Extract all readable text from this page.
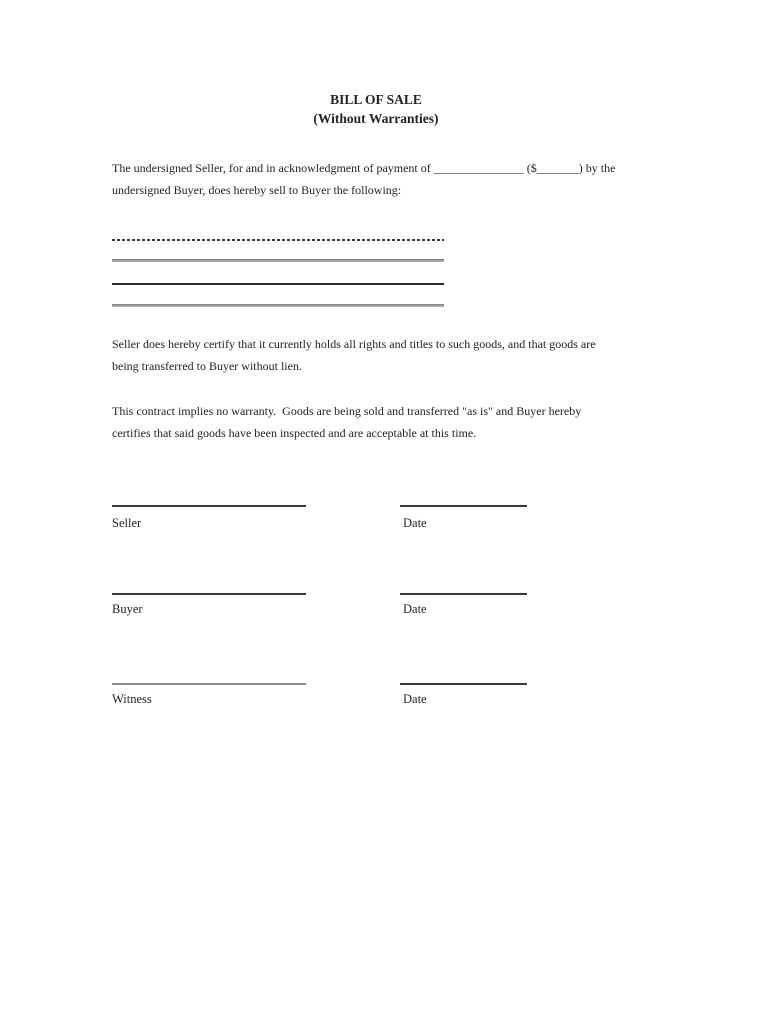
BILL OF SALE
(Without Warranties)
The undersigned Seller, for and in acknowledgment of payment of _______________ ($_______) by the
undersigned Buyer, does hereby sell to Buyer the following:
Seller does hereby certify that it currently holds all rights and titles to such goods, and that goods are
being transferred to Buyer without lien.
This contract implies no warranty.  Goods are being sold and transferred "as is" and Buyer hereby
certifies that said goods have been inspected and are acceptable at this time.
Seller	Date
Buyer	Date
Witness	Date
